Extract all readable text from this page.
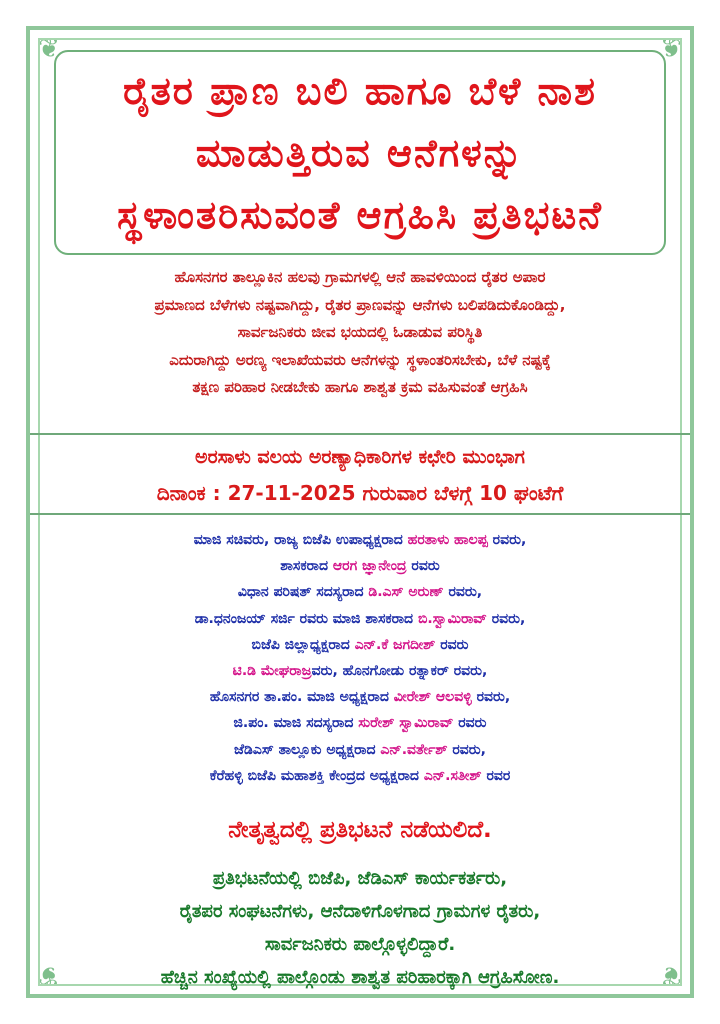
❦	❦
❦	❦
ರೈತರ ಪ್ರಾಣ ಬಲಿ ಹಾಗೂ ಬೆಳೆ ನಾಶ
ಮಾಡುತ್ತಿರುವ ಆನೆಗಳನ್ನು
ಸ್ಥಳಾಂತರಿಸುವಂತೆ ಆಗ್ರಹಿಸಿ ಪ್ರತಿಭಟನೆ
ಹೊಸನಗರ ತಾಲ್ಲೂಕಿನ ಹಲವು ಗ್ರಾಮಗಳಲ್ಲಿ ಆನೆ ಹಾವಳಿಯಿಂದ ರೈತರ ಅಪಾರ
ಪ್ರಮಾಣದ ಬೆಳೆಗಳು ನಷ್ಟವಾಗಿದ್ದು, ರೈತರ ಪ್ರಾಣವನ್ನು ಆನೆಗಳು ಬಲಿಪಡಿದುಕೊಂಡಿದ್ದು,
ಸಾರ್ವಜನಿಕರು ಜೀವ ಭಯದಲ್ಲಿ ಓಡಾಡುವ ಪರಿಸ್ಥಿತಿ
ಎದುರಾಗಿದ್ದು ಅರಣ್ಯ ಇಲಾಖೆಯವರು ಆನೆಗಳನ್ನು ಸ್ಥಳಾಂತರಿಸಬೇಕು, ಬೆಳೆ ನಷ್ಟಕ್ಕೆ
ತಕ್ಷಣ ಪರಿಹಾರ ನೀಡಬೇಕು ಹಾಗೂ ಶಾಶ್ವತ ಕ್ರಮ ವಹಿಸುವಂತೆ ಆಗ್ರಹಿಸಿ
ಅರಸಾಳು ವಲಯ ಅರಣ್ಯಾಧಿಕಾರಿಗಳ ಕಛೇರಿ ಮುಂಭಾಗ
ದಿನಾಂಕ : 27-11-2025 ಗುರುವಾರ ಬೆಳಗ್ಗೆ 10 ಘಂಟೆಗೆ
ಮಾಜಿ ಸಚಿವರು, ರಾಜ್ಯ ಬಿಜೆಪಿ ಉಪಾಧ್ಯಕ್ಷರಾದ ಹರತಾಳು ಹಾಲಪ್ಪ ರವರು,
ಶಾಸಕರಾದ ಆರಗ ಜ್ಞಾನೇಂದ್ರ ರವರು
ವಿಧಾನ ಪರಿಷತ್ ಸದಸ್ಯರಾದ ಡಿ.ಎಸ್ ಅರುಣ್ ರವರು,
ಡಾ.ಧನಂಜಯ್ ಸರ್ಜಿ ರವರು ಮಾಜಿ ಶಾಸಕರಾದ ಬಿ.ಸ್ವಾಮಿರಾವ್ ರವರು,
ಬಿಜೆಪಿ ಜಿಲ್ಲಾಧ್ಯಕ್ಷರಾದ ಎನ್.ಕೆ ಜಗದೀಶ್ ರವರು
ಟಿ.ಡಿ ಮೇಘರಾಜ್ರವರು, ಹೊನಗೋಡು ರತ್ನಾಕರ್ ರವರು,
ಹೊಸನಗರ ತಾ.ಪಂ. ಮಾಜಿ ಅಧ್ಯಕ್ಷರಾದ ವೀರೇಶ್ ಆಲವಳ್ಳಿ ರವರು,
ಜಿ.ಪಂ. ಮಾಜಿ ಸದಸ್ಯರಾದ ಸುರೇಶ್ ಸ್ವಾಮಿರಾವ್ ರವರು
ಜೆಡಿಎಸ್ ತಾಲ್ಲೂಕು ಅಧ್ಯಕ್ಷರಾದ ಎನ್.ವರ್ತೇಶ್ ರವರು,
ಕೆರೆಹಳ್ಳಿ ಬಿಜೆಪಿ ಮಹಾಶಕ್ತಿ ಕೇಂದ್ರದ ಅಧ್ಯಕ್ಷರಾದ ಎನ್.ಸತೀಶ್ ರವರ
ನೇತೃತ್ವದಲ್ಲಿ ಪ್ರತಿಭಟನೆ ನಡೆಯಲಿದೆ.
ಪ್ರತಿಭಟನೆಯಲ್ಲಿ ಬಿಜೆಪಿ, ಜೆಡಿಎಸ್ ಕಾರ್ಯಕರ್ತರು,
ರೈತಪರ ಸಂಘಟನೆಗಳು, ಆನೆದಾಳಿಗೊಳಗಾದ ಗ್ರಾಮಗಳ ರೈತರು,
ಸಾರ್ವಜನಿಕರು ಪಾಲ್ಗೊಳ್ಳಲಿದ್ದಾರೆ.
ಹೆಚ್ಚಿನ ಸಂಖ್ಯೆಯಲ್ಲಿ ಪಾಲ್ಗೊಂಡು ಶಾಶ್ವತ ಪರಿಹಾರಕ್ಕಾಗಿ ಆಗ್ರಹಿಸೋಣ.
